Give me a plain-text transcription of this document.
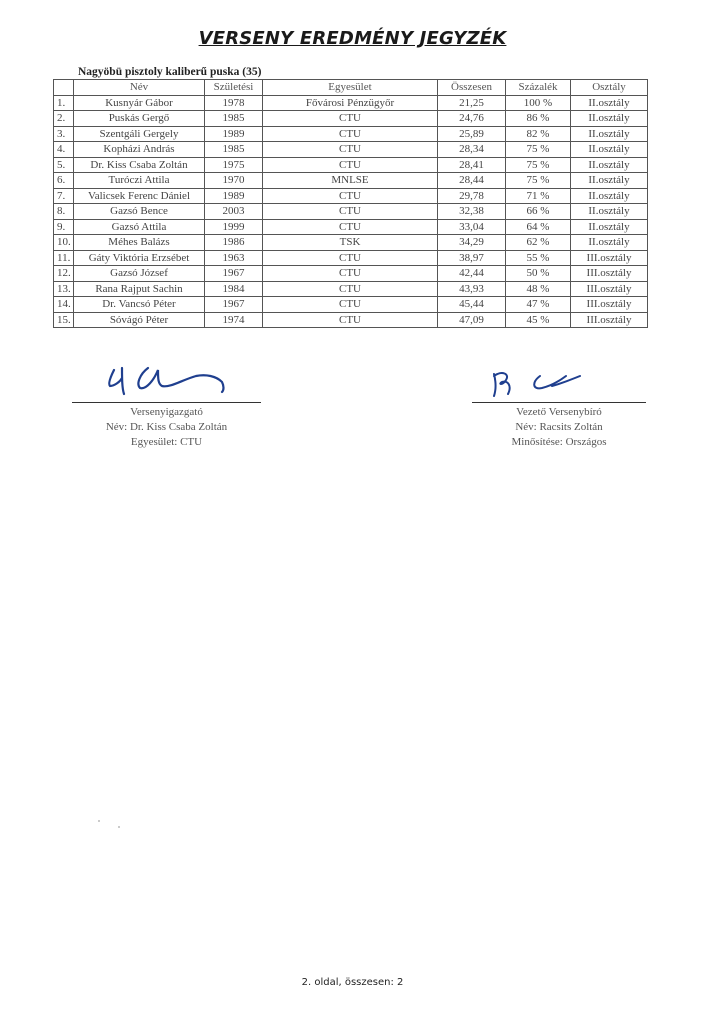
VERSENY EREDMÉNY JEGYZÉK
Nagyöbü pisztoly kaliberű puska (35)
	Név	Születési	Egyesület	Összesen	Százalék	Osztály
1.	Kusnyár Gábor	1978	Fővárosi Pénzügyőr	21,25	100 %	II.osztály
2.	Puskás Gergő	1985	CTU	24,76	86 %	II.osztály
3.	Szentgáli Gergely	1989	CTU	25,89	82 %	II.osztály
4.	Kopházi András	1985	CTU	28,34	75 %	II.osztály
5.	Dr. Kiss Csaba Zoltán	1975	CTU	28,41	75 %	II.osztály
6.	Turóczi Attila	1970	MNLSE	28,44	75 %	II.osztály
7.	Valicsek Ferenc Dániel	1989	CTU	29,78	71 %	II.osztály
8.	Gazsó Bence	2003	CTU	32,38	66 %	II.osztály
9.	Gazsó Attila	1999	CTU	33,04	64 %	II.osztály
10.	Méhes Balázs	1986	TSK	34,29	62 %	II.osztály
11.	Gáty Viktória Erzsébet	1963	CTU	38,97	55 %	III.osztály
12.	Gazsó József	1967	CTU	42,44	50 %	III.osztály
13.	Rana Rajput Sachin	1984	CTU	43,93	48 %	III.osztály
14.	Dr. Vancsó Péter	1967	CTU	45,44	47 %	III.osztály
15.	Sóvágó Péter	1974	CTU	47,09	45 %	III.osztály
Versenyigazgató
Név: Dr. Kiss Csaba Zoltán
Egyesület: CTU
Vezető Versenybíró
Név: Racsits Zoltán
Minősítése: Országos
2. oldal, összesen: 2
